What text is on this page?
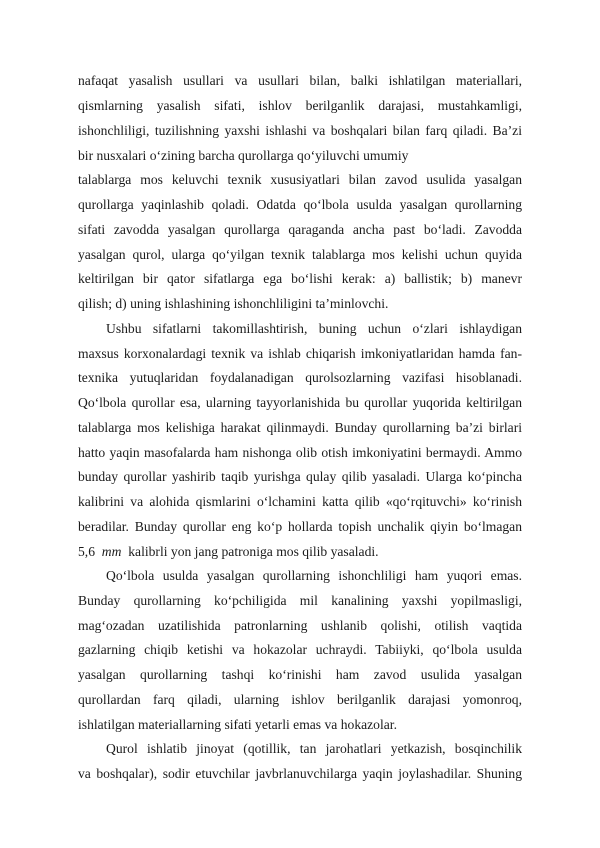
nafaqat yasalish usullari va usullari bilan, balki ishlatilgan materiallari,
qismlarning yasalish sifati, ishlov berilganlik darajasi, mustahkamligi,
ishonchliligi, tuzilishning yaxshi ishlashi va boshqalari bilan farq qiladi. Ba’zi
bir nusxalari o‘zining barcha qurollarga qo‘yiluvchi umumiy
talablarga mos keluvchi texnik xususiyatlari bilan zavod usulida yasalgan
qurollarga yaqinlashib qoladi. Odatda qo‘lbola usulda yasalgan qurollarning
sifati zavodda yasalgan qurollarga qaraganda ancha past bo‘ladi. Zavodda
yasalgan qurol, ularga qo‘yilgan texnik talablarga mos kelishi uchun quyida
keltirilgan bir qator sifatlarga ega bo‘lishi kerak: a) ballistik; b) manevr
qilish; d) uning ishlashining ishonchliligini ta’minlovchi.
Ushbu sifatlarni takomillashtirish, buning uchun o‘zlari ishlaydigan
maxsus korxonalardagi texnik va ishlab chiqarish imkoniyatlaridan hamda fan-
texnika yutuqlaridan foydalanadigan qurolsozlarning vazifasi hisoblanadi.
Qo‘lbola qurollar esa, ularning tayyorlanishida bu qurollar yuqorida keltirilgan
talablarga mos kelishiga harakat qilinmaydi. Bunday qurollarning ba’zi birlari
hatto yaqin masofalarda ham nishonga olib otish imkoniyatini bermaydi. Ammo
bunday qurollar yashirib taqib yurishga qulay qilib yasaladi. Ularga ko‘pincha
kalibrini va alohida qismlarini o‘lchamini katta qilib «qo‘rqituvchi» ko‘rinish
beradilar. Bunday qurollar eng ko‘p hollarda topish unchalik qiyin bo‘lmagan
5,6 mm kalibrli yon jang patroniga mos qilib yasaladi.
Qo‘lbola usulda yasalgan qurollarning ishonchliligi ham yuqori emas.
Bunday qurollarning ko‘pchiligida mil kanalining yaxshi yopilmasligi,
mag‘ozadan uzatilishida patronlarning ushlanib qolishi, otilish vaqtida
gazlarning chiqib ketishi va hokazolar uchraydi. Tabiiyki, qo‘lbola usulda
yasalgan qurollarning tashqi ko‘rinishi ham zavod usulida yasalgan
qurollardan farq qiladi, ularning ishlov berilganlik darajasi yomonroq,
ishlatilgan materiallarning sifati yetarli emas va hokazolar.
Qurol ishlatib jinoyat (qotillik, tan jarohatlari yetkazish, bosqinchilik
va boshqalar), sodir etuvchilar javbrlanuvchilarga yaqin joylashadilar. Shuning
